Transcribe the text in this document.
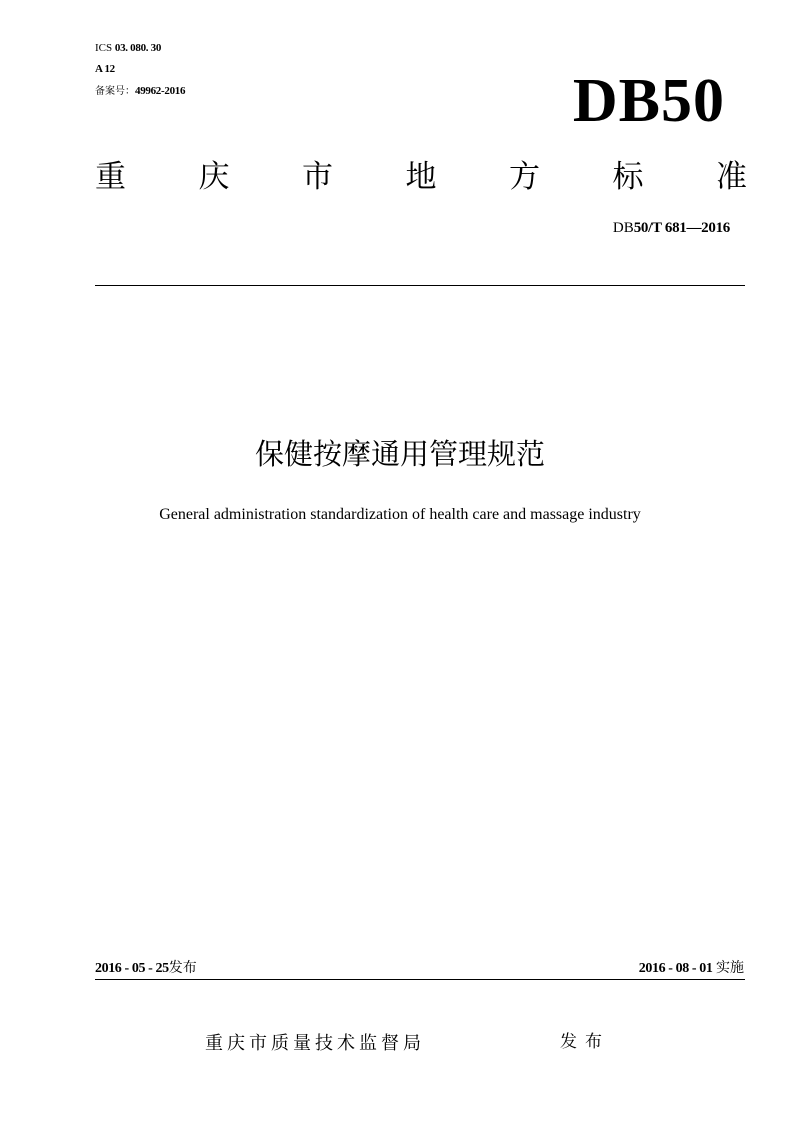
ICS 03. 080. 30
A 12
备案号：49962-2016	DB50
重 庆 市 地 方 标 准
DB50/T 681—2016
保健按摩通用管理规范
General administration standardization of health care and massage industry
2016 - 05 - 25发布	2016 - 08 - 01 实施
重庆市质量技术监督局	发布
